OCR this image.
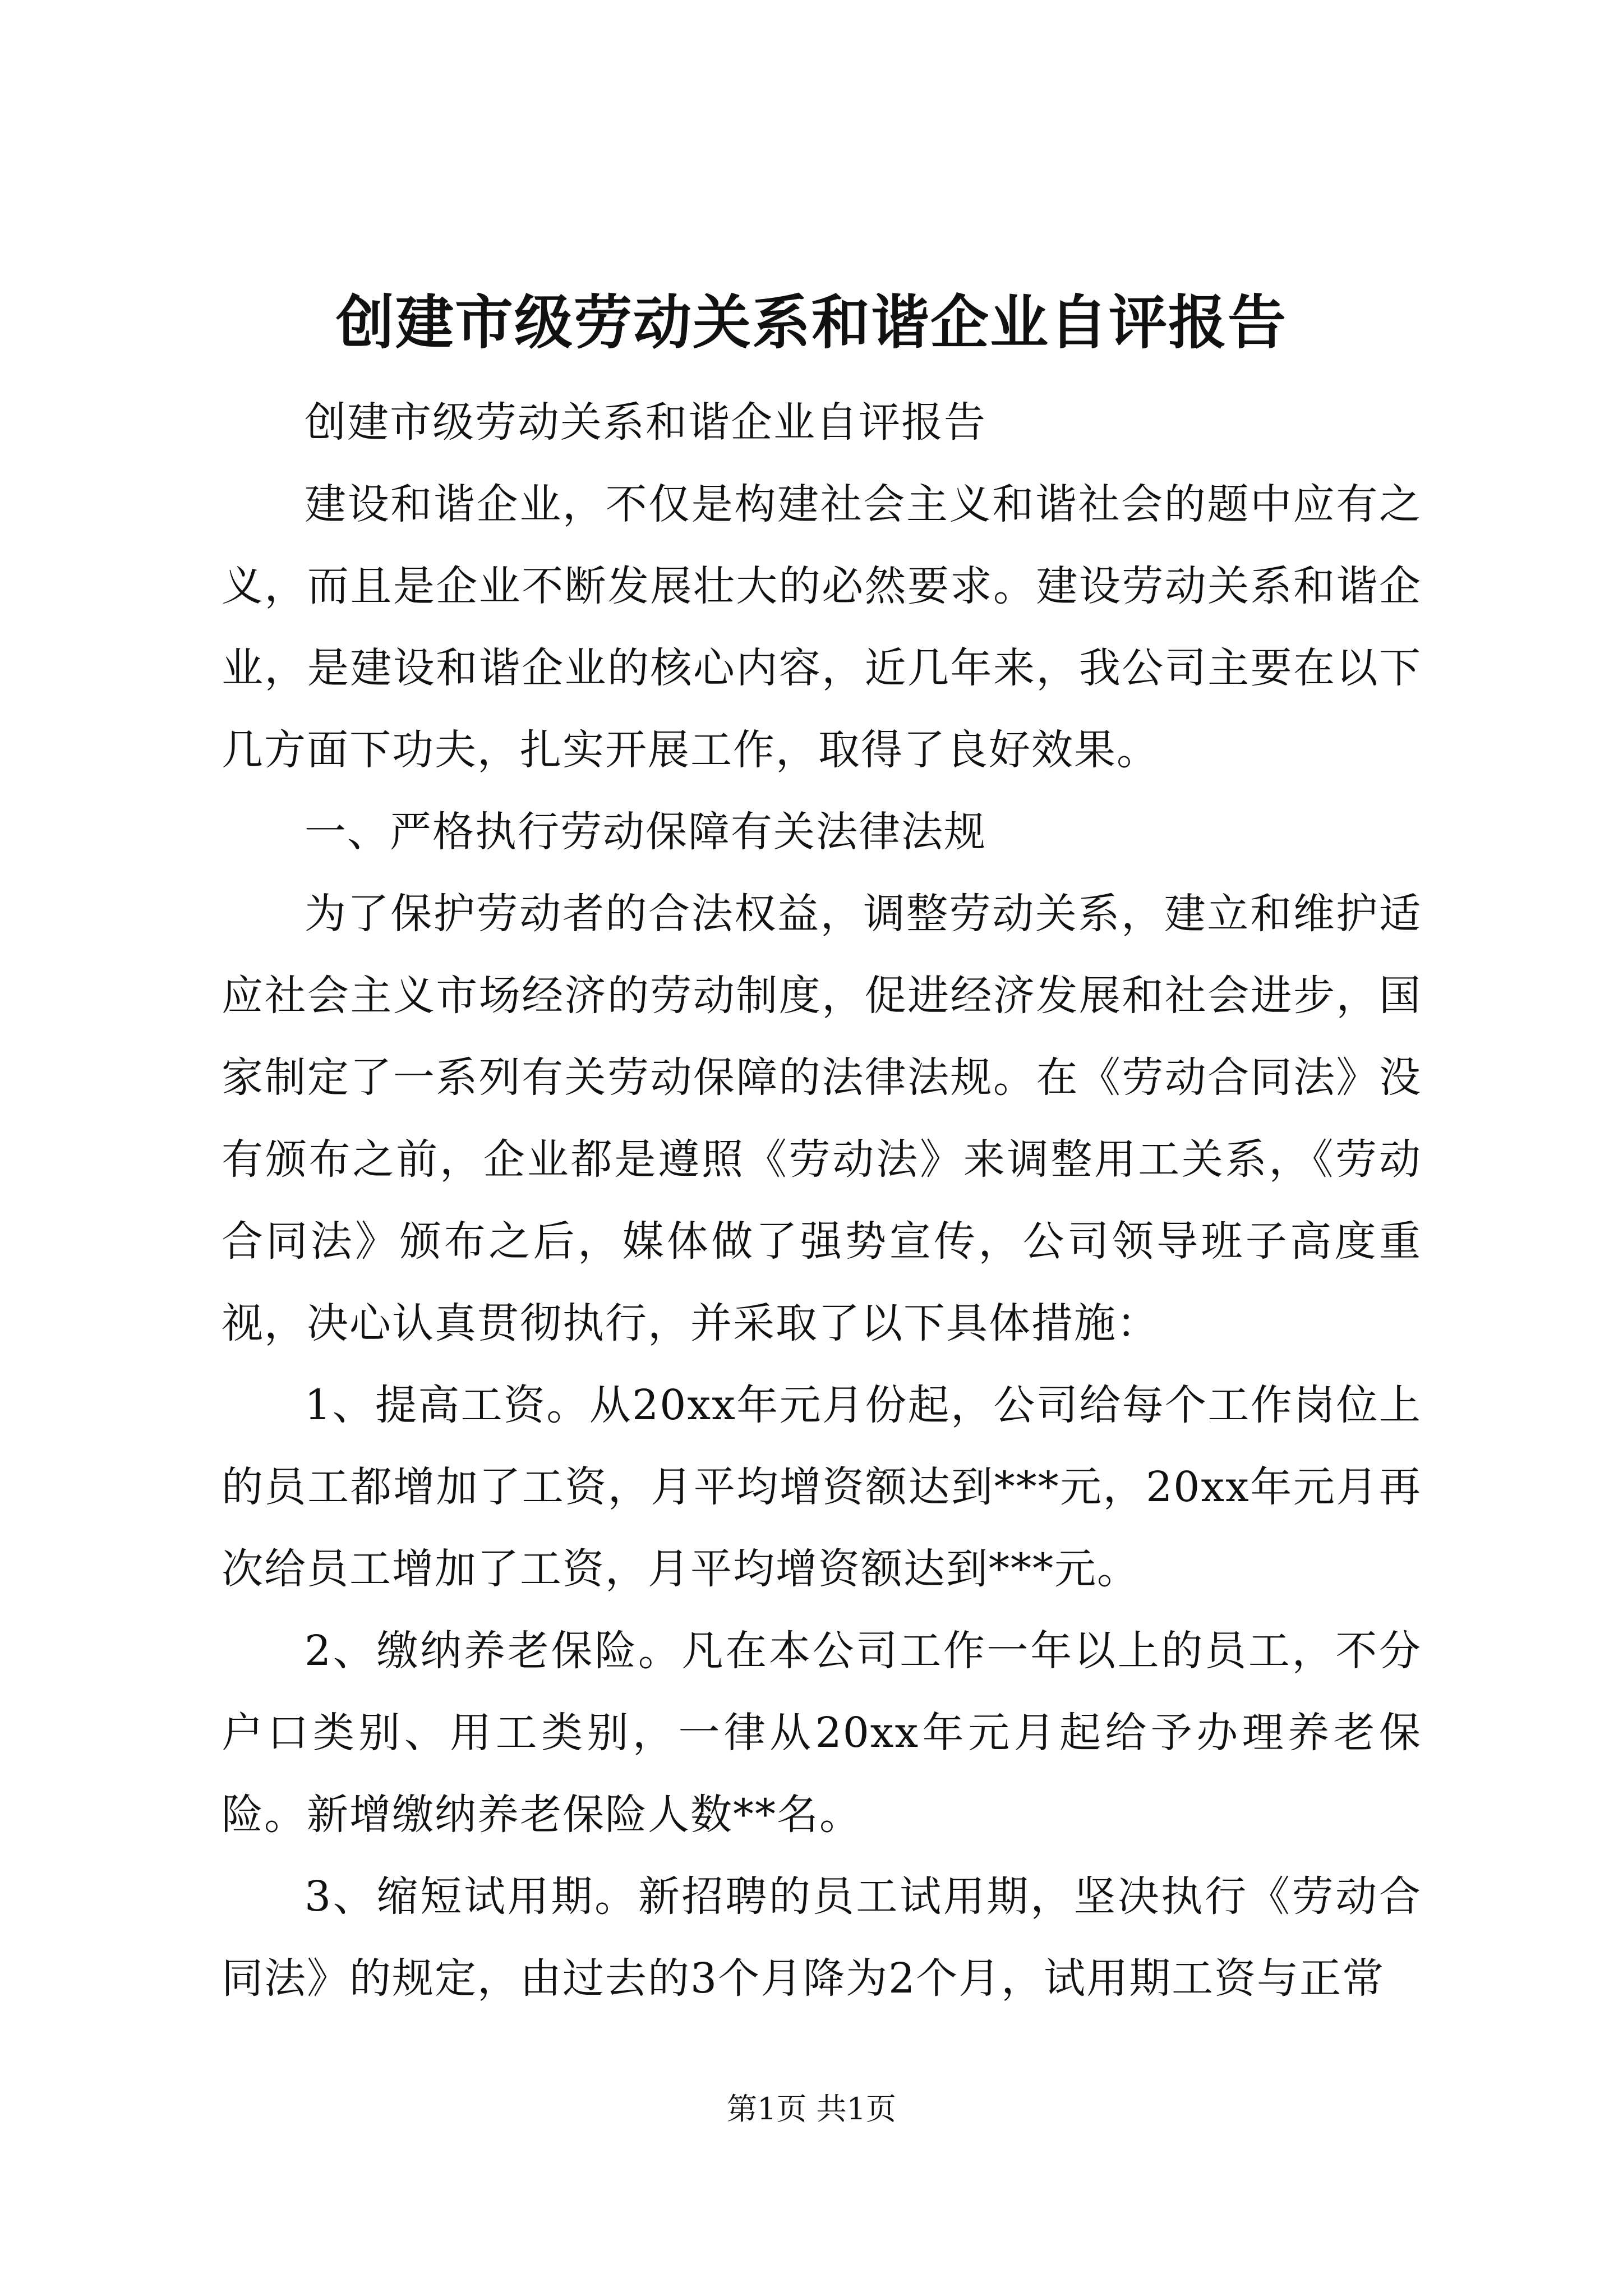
创建市级劳动关系和谐企业自评报告

创建市级劳动关系和谐企业自评报告

建设和谐企业，不仅是构建社会主义和谐社会的题中应有之义，而且是企业不断发展壮大的必然要求。建设劳动关系和谐企业，是建设和谐企业的核心内容，近几年来，我公司主要在以下几方面下功夫，扎实开展工作，取得了良好效果。

一、严格执行劳动保障有关法律法规

为了保护劳动者的合法权益，调整劳动关系，建立和维护适应社会主义市场经济的劳动制度，促进经济发展和社会进步，国家制定了一系列有关劳动保障的法律法规。在《劳动合同法》没有颁布之前，企业都是遵照《劳动法》来调整用工关系，《劳动合同法》颁布之后，媒体做了强势宣传，公司领导班子高度重视，决心认真贯彻执行，并采取了以下具体措施：

1、提高工资。从20xx年元月份起，公司给每个工作岗位上的员工都增加了工资，月平均增资额达到***元，20xx年元月再次给员工增加了工资，月平均增资额达到***元。

2、缴纳养老保险。凡在本公司工作一年以上的员工，不分户口类别、用工类别，一律从20xx年元月起给予办理养老保险。新增缴纳养老保险人数**名。

3、缩短试用期。新招聘的员工试用期，坚决执行《劳动合同法》的规定，由过去的3个月降为2个月，试用期工资与正常

第1页 共1页
